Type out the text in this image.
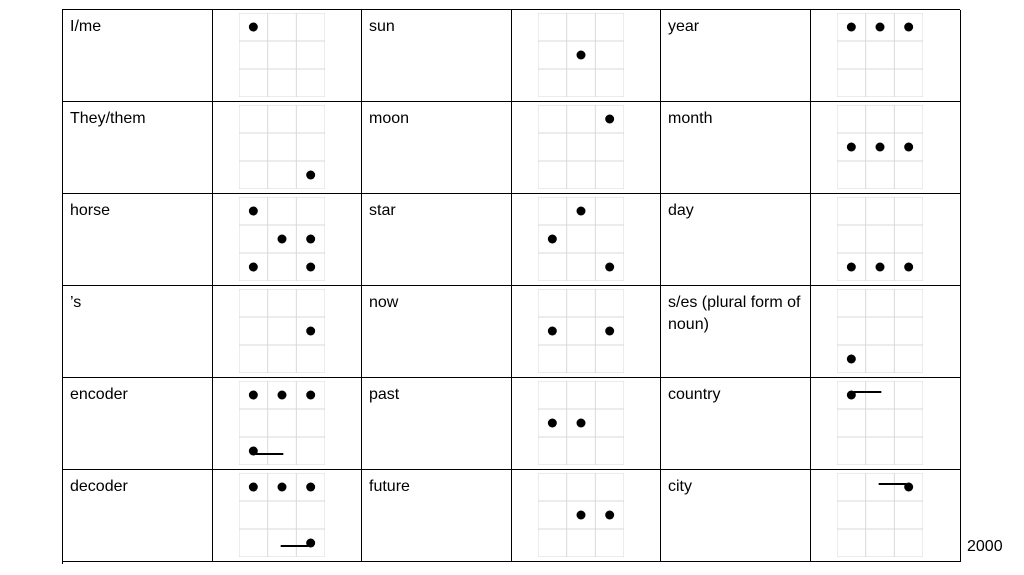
I/me	sun	year
They/them	moon	month
horse	star	day
’s	now	s/es (plural form of noun)
encoder	past	country
decoder	future	city
2000
